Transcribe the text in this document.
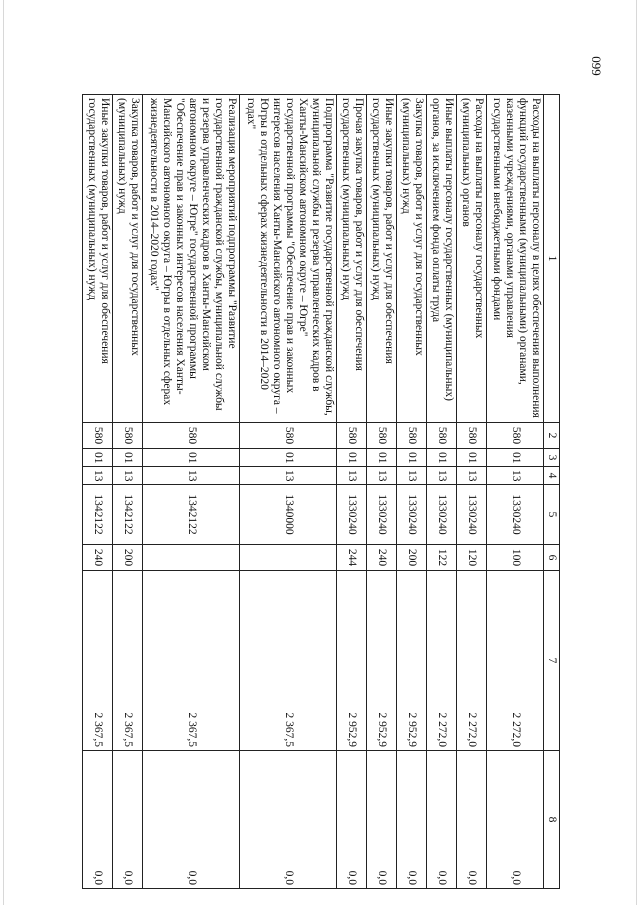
099
1	2	3	4	5	6	7	8
Расходы на выплаты персоналу в целях обеспечения выполнения функций государственными (муниципальными) органами, казенными учреждениями, органами управления государственными внебюджетными фондами	580	01	13	1330240	100	2 272,0	0,0
Расходы на выплаты персоналу государственных (муниципальных) органов	580	01	13	1330240	120	2 272,0	0,0
Иные выплаты персоналу государственных (муниципальных) органов, за исключением фонда оплаты труда	580	01	13	1330240	122	2 272,0	0,0
Закупка товаров, работ и услуг для государственных (муниципальных) нужд	580	01	13	1330240	200	2 952,9	0,0
Иные закупки товаров, работ и услуг для обеспечения государственных (муниципальных) нужд	580	01	13	1330240	240	2 952,9	0,0
Прочая закупка товаров, работ и услуг для обеспечения государственных (муниципальных) нужд	580	01	13	1330240	244	2 952,9	0,0
Подпрограмма "Развитие государственной гражданской службы, муниципальной службы и резерва управленческих кадров в Ханты-Мансийском автономном округе – Югре" государственной программы "Обеспечение прав и законных интересов населения Ханты-Мансийского автономного округа – Югры в отдельных сферах жизнедеятельности в 2014–2020 годах"	580	01	13	1340000		2 367,5	0,0
Реализация мероприятий подпрограммы "Развитие государственной гражданской службы, муниципальной службы и резерва управленческих кадров в Ханты-Мансийском автономном округе – Югре" государственной программы "Обеспечение прав и законных интересов населения Ханты-Мансийского автономного округа – Югры в отдельных сферах жизнедеятельности в 2014–2020 годах"	580	01	13	1342122		2 367,5	0,0
Закупка товаров, работ и услуг для государственных (муниципальных) нужд	580	01	13	1342122	200	2 367,5	0,0
Иные закупки товаров, работ и услуг для обеспечения государственных (муниципальных) нужд	580	01	13	1342122	240	2 367,5	0,0
